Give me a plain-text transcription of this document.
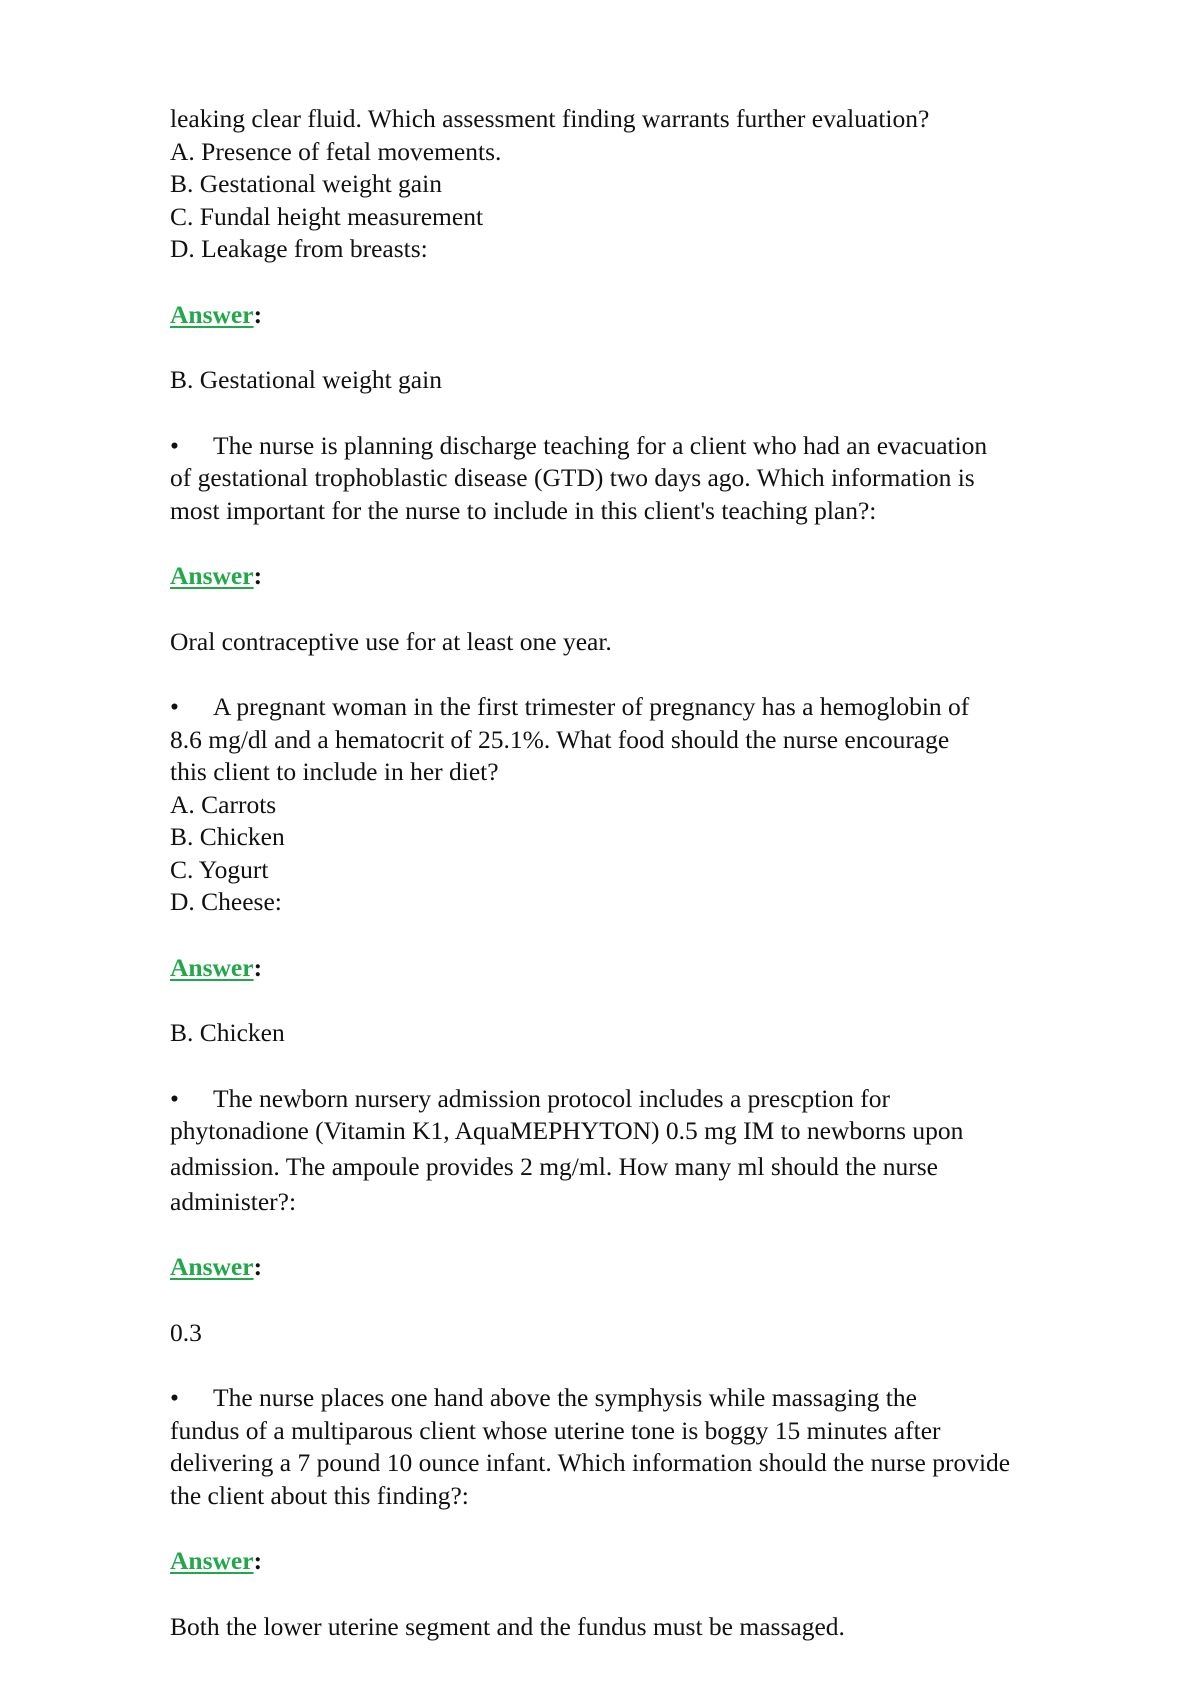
leaking clear fluid. Which assessment finding warrants further evaluation?
A. Presence of fetal movements.
B. Gestational weight gain
C. Fundal height measurement
D. Leakage from breasts:
Answer:
B. Gestational weight gain
• The nurse is planning discharge teaching for a client who had an evacuation
of gestational trophoblastic disease (GTD) two days ago. Which information is
most important for the nurse to include in this client's teaching plan?:
Answer:
Oral contraceptive use for at least one year.
• A pregnant woman in the first trimester of pregnancy has a hemoglobin of
8.6 mg/dl and a hematocrit of 25.1%. What food should the nurse encourage
this client to include in her diet?
A. Carrots
B. Chicken
C. Yogurt
D. Cheese:
Answer:
B. Chicken
• The newborn nursery admission protocol includes a prescption for
phytonadione (Vitamin K1, AquaMEPHYTON) 0.5 mg IM to newborns upon
admission. The ampoule provides 2 mg/ml. How many ml should the nurse
administer?:
Answer:
0.3
• The nurse places one hand above the symphysis while massaging the
fundus of a multiparous client whose uterine tone is boggy 15 minutes after
delivering a 7 pound 10 ounce infant. Which information should the nurse provide
the client about this finding?:
Answer:
Both the lower uterine segment and the fundus must be massaged.
